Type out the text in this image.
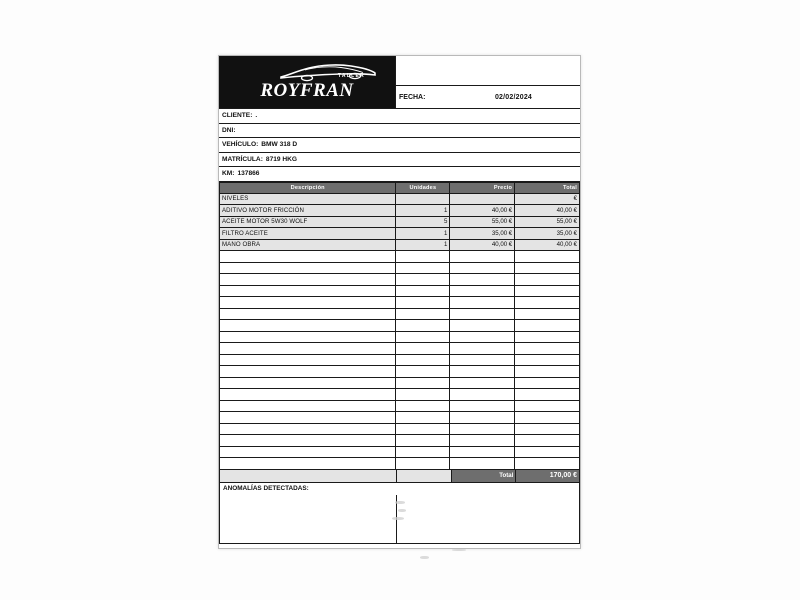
TALLER
ROYFRAN	FECHA:	02/02/2024
CLIENTE: .
DNI:
VEHÍCULO: BMW 318 D
MATRÍCULA: 8719 HKG
KM: 137866
Descripción	Unidades	Precio	Total
NIVELES			€
ADITIVO MOTOR FRICCIÓN	1	40,00 €	40,00 €
ACEITE MOTOR 5W30 WOLF	5	55,00 €	55,00 €
FILTRO ACEITE	1	35,00 €	35,00 €
MANO OBRA	1	40,00 €	40,00 €

Total	170,00 €
ANOMALÍAS DETECTADAS:
